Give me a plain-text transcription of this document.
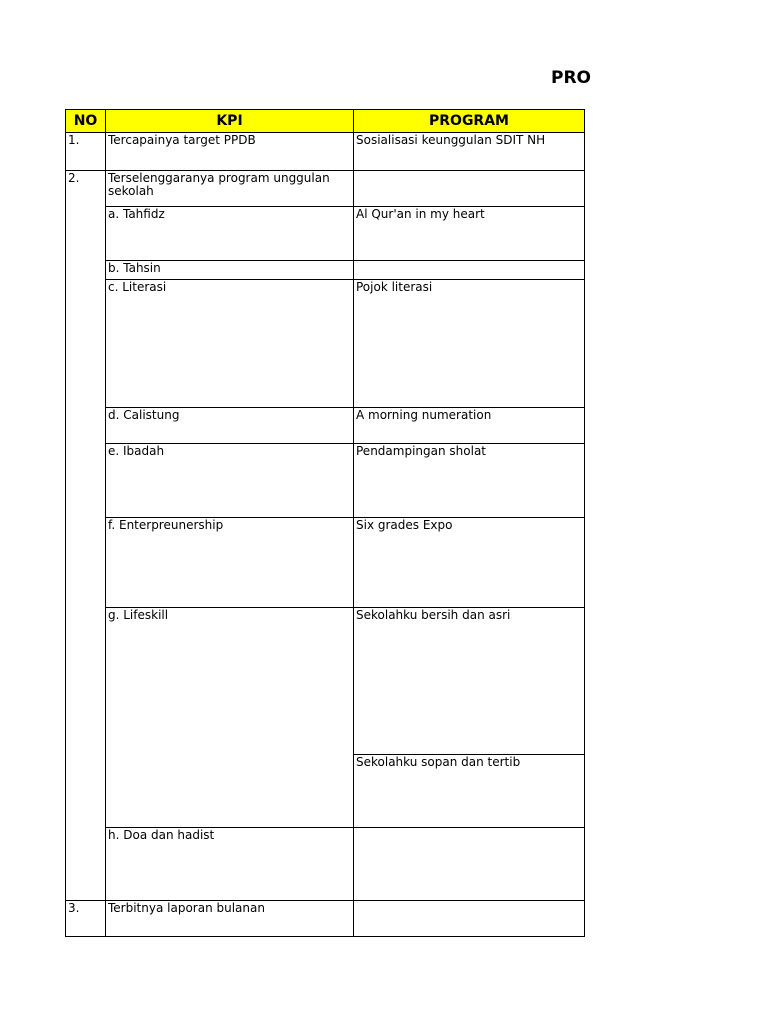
PRO
NO	KPI	PROGRAM
1.	Tercapainya target PPDB	Sosialisasi keunggulan SDIT NH
2.	Terselenggaranya program unggulan sekolah	
	a. Tahfidz	Al Qur'an in my heart
	b. Tahsin	
	c. Literasi	Pojok literasi
	d. Calistung	A morning numeration
	e. Ibadah	Pendampingan sholat
	f. Enterpreunership	Six grades Expo
	g. Lifeskill	Sekolahku bersih dan asri
		Sekolahku sopan dan tertib
	h. Doa dan hadist	
3.	Terbitnya laporan bulanan	
